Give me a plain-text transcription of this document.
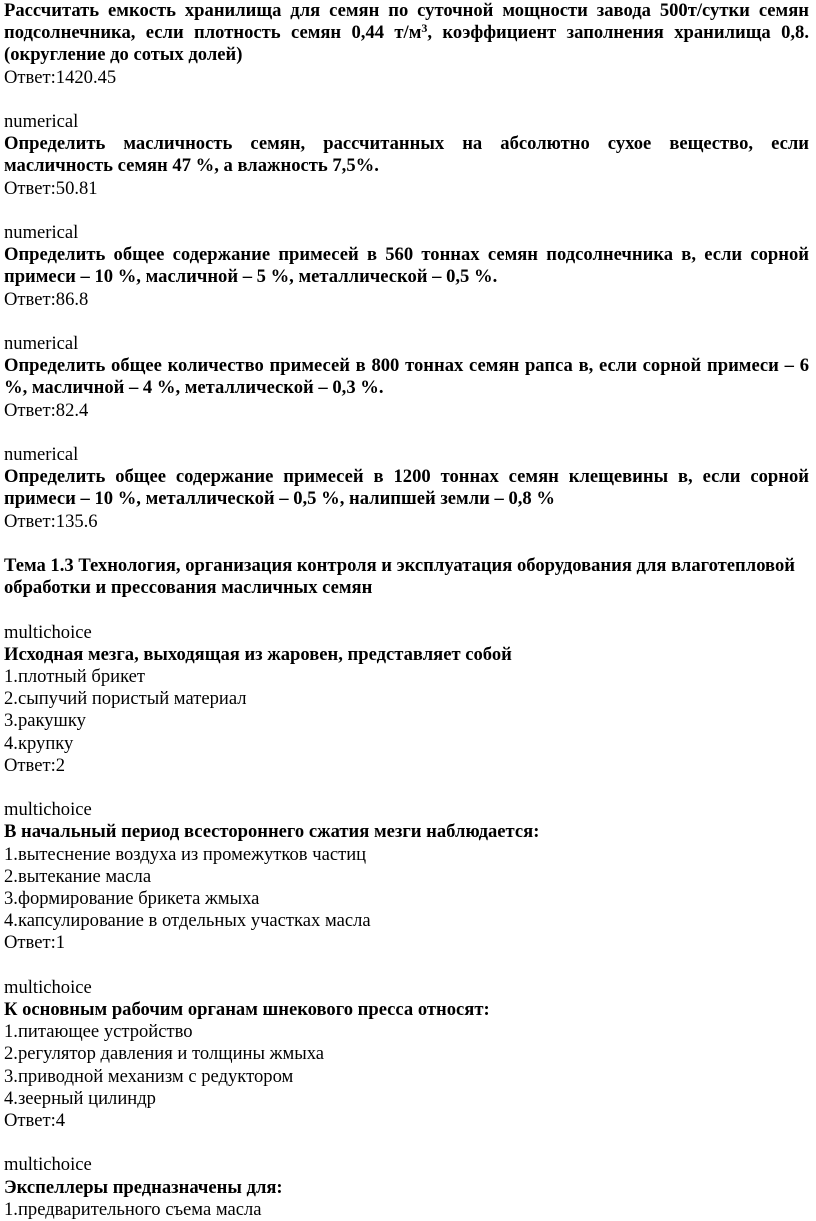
Рассчитать емкость хранилища для семян по суточной мощности завода 500т/сутки семян подсолнечника, если плотность семян 0,44 $т/м^3$, коэффициент заполнения хранилища 0,8. (округление до сотых долей)
Ответ:1420.45
numerical
Определить масличность семян, рассчитанных на абсолютно сухое вещество, если масличность семян 47 %, а влажность 7,5%.
Ответ:50.81
numerical
Определить общее содержание примесей в 560 тоннах семян подсолнечника в, если сорной примеси – 10 %, масличной – 5 %, металлической – 0,5 %.
Ответ:86.8
numerical
Определить общее количество примесей в 800 тоннах семян рапса в, если сорной примеси – 6 %, масличной – 4 %, металлической – 0,3 %.
Ответ:82.4
numerical
Определить общее содержание примесей в 1200 тоннах семян клещевины в, если сорной примеси – 10 %, металлической – 0,5 %, налипшей земли – 0,8 %
Ответ:135.6
Тема 1.3 Технология, организация контроля и эксплуатация оборудования для влаготепловой обработки и прессования масличных семян
multichoice
Исходная мезга, выходящая из жаровен, представляет собой
1.плотный брикет
2.сыпучий пористый материал
3.ракушку
4.крупку
Ответ:2
multichoice
В начальный период всестороннего сжатия мезги наблюдается:
1.вытеснение воздуха из промежутков частиц
2.вытекание масла
3.формирование брикета жмыха
4.капсулирование в отдельных участках масла
Ответ:1
multichoice
К основным рабочим органам шнекового пресса относят:
1.питающее устройство
2.регулятор давления и толщины жмыха
3.приводной механизм с редуктором
4.зеерный цилиндр
Ответ:4
multichoice
Экспеллеры предназначены для:
1.предварительного съема масла
